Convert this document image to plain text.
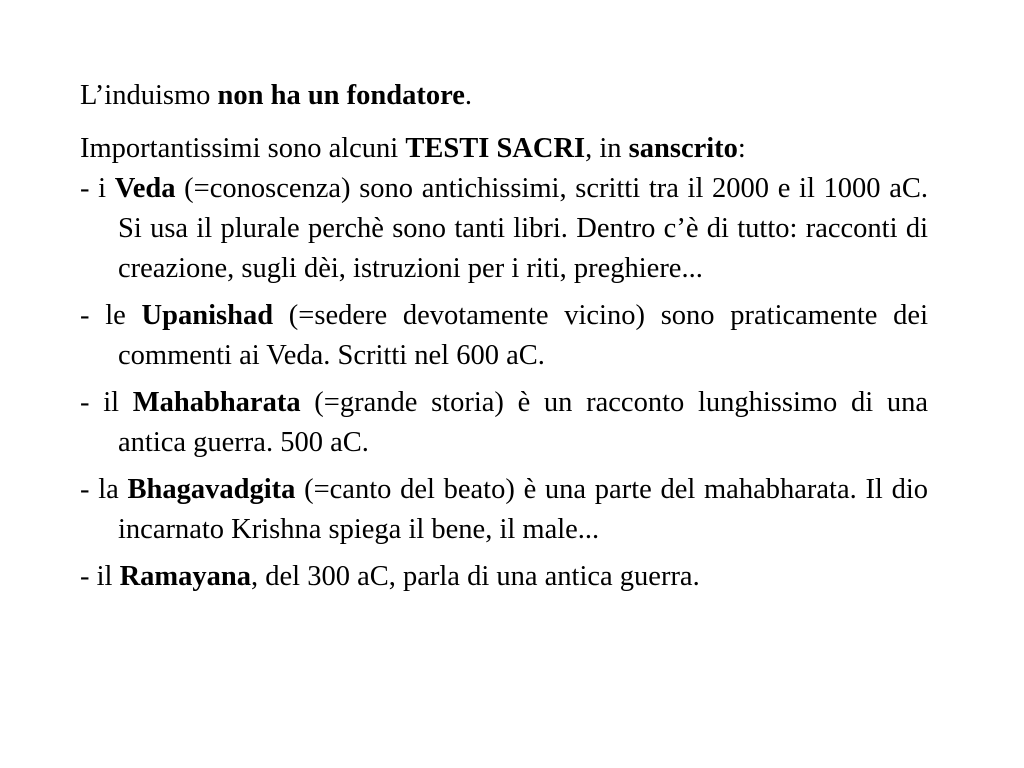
L’induismo non ha un fondatore.

Importantissimi sono alcuni TESTI SACRI, in sanscrito:

- i Veda (=conoscenza) sono antichissimi, scritti tra il 2000 e il 1000 aC. Si usa il plurale perchè sono tanti libri. Dentro c’è di tutto: racconti di creazione, sugli dèi, istruzioni per i riti, preghiere...

- le Upanishad (=sedere devotamente vicino) sono praticamente dei commenti ai Veda. Scritti nel 600 aC.

- il Mahabharata (=grande storia) è un racconto lunghissimo di una antica guerra. 500 aC.

- la Bhagavadgita (=canto del beato) è una parte del mahabharata. Il dio incarnato Krishna spiega il bene, il male...

- il Ramayana, del 300 aC, parla di una antica guerra.
